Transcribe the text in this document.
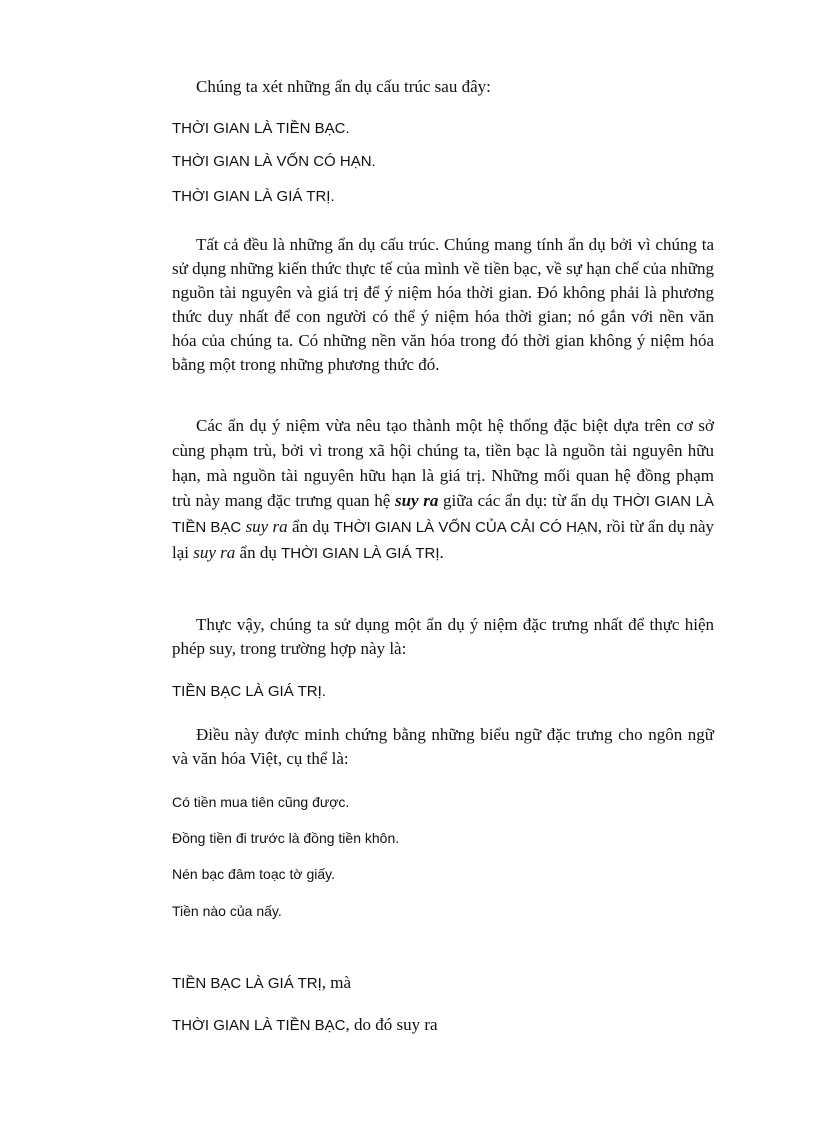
Chúng ta xét những ẩn dụ cấu trúc sau đây:
THỜI GIAN LÀ TIỀN BẠC.
THỜI GIAN LÀ VỐN CÓ HẠN.
THỜI GIAN LÀ GIÁ TRỊ.
Tất cả đều là những ẩn dụ cấu trúc. Chúng mang tính ẩn dụ bởi vì chúng ta sử dụng những kiến thức thực tế của mình về tiền bạc, về sự hạn chế của những nguồn tài nguyên và giá trị để ý niệm hóa thời gian. Đó không phải là phương thức duy nhất để con người có thể ý niệm hóa thời gian; nó gắn với nền văn hóa của chúng ta. Có những nền văn hóa trong đó thời gian không ý niệm hóa bằng một trong những phương thức đó.
Các ẩn dụ ý niệm vừa nêu tạo thành một hệ thống đặc biệt dựa trên cơ sở cùng phạm trù, bởi vì trong xã hội chúng ta, tiền bạc là nguồn tài nguyên hữu hạn, mà nguồn tài nguyên hữu hạn là giá trị. Những mối quan hệ đồng phạm trù này mang đặc trưng quan hệ suy ra giữa các ẩn dụ: từ ẩn dụ THỜI GIAN LÀ TIỀN BẠC suy ra ẩn dụ THỜI GIAN LÀ VỐN CỦA CẢI CÓ HẠN, rồi từ ẩn dụ này lại suy ra ẩn dụ THỜI GIAN LÀ GIÁ TRỊ.
Thực vậy, chúng ta sử dụng một ẩn dụ ý niệm đặc trưng nhất để thực hiện phép suy, trong trường hợp này là:
TIỀN BẠC LÀ GIÁ TRỊ.
Điều này được minh chứng bằng những biểu ngữ đặc trưng cho ngôn ngữ và văn hóa Việt, cụ thể là:
Có tiền mua tiên cũng được.
Đồng tiền đi trước là đồng tiền khôn.
Nén bạc đâm toạc tờ giấy.
Tiền nào của nấy.
TIỀN BẠC LÀ GIÁ TRỊ, mà
THỜI GIAN LÀ TIỀN BẠC, do đó suy ra
